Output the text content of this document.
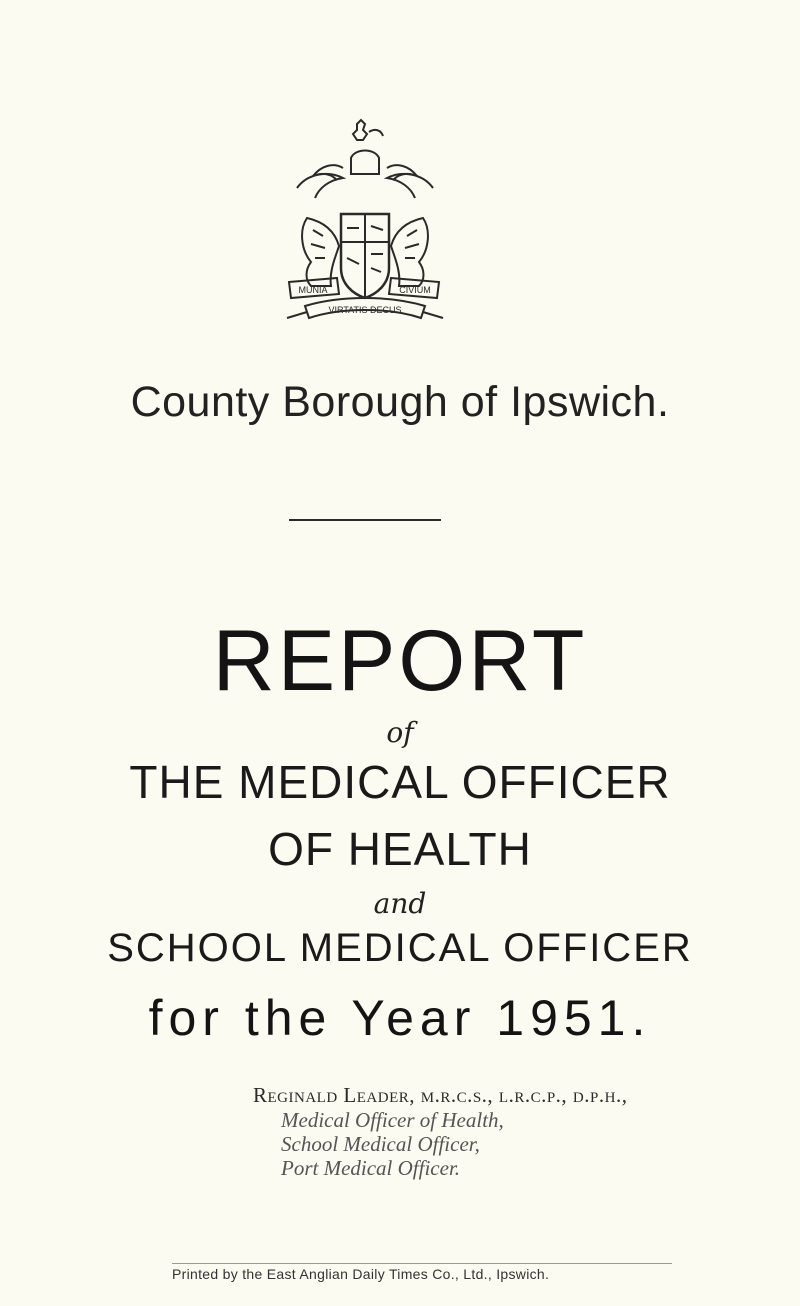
MUNIA	CIVIUM
VIRTATIS DECUS
County Borough of Ipswich.
REPORT
of
THE MEDICAL OFFICER
OF HEALTH
and
SCHOOL MEDICAL OFFICER
for the Year 1951.
Reginald Leader, m.r.c.s., l.r.c.p., d.p.h.,
Medical Officer of Health,
School Medical Officer,
Port Medical Officer.
Printed by the East Anglian Daily Times Co., Ltd., Ipswich.
